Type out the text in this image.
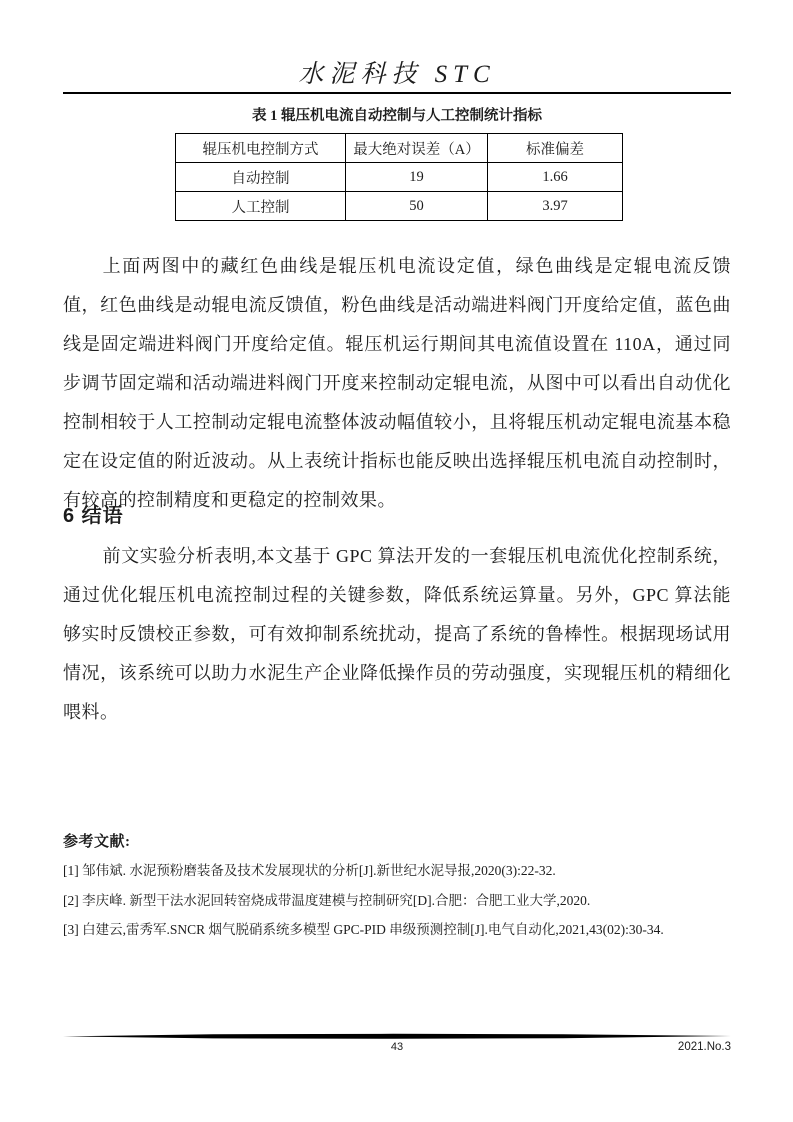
水泥科技 STC
表 1 辊压机电流自动控制与人工控制统计指标
辊压机电控制方式	最大绝对误差（A）	标准偏差
自动控制	19	1.66
人工控制	50	3.97

上面两图中的藏红色曲线是辊压机电流设定值，绿色曲线是定辊电流反馈值，红色曲线是动辊电流反馈值，粉色曲线是活动端进料阀门开度给定值，蓝色曲线是固定端进料阀门开度给定值。辊压机运行期间其电流值设置在 110A，通过同步调节固定端和活动端进料阀门开度来控制动定辊电流，从图中可以看出自动优化控制相较于人工控制动定辊电流整体波动幅值较小，且将辊压机动定辊电流基本稳定在设定值的附近波动。从上表统计指标也能反映出选择辊压机电流自动控制时，有较高的控制精度和更稳定的控制效果。

6 结语

前文实验分析表明,本文基于 GPC 算法开发的一套辊压机电流优化控制系统，通过优化辊压机电流控制过程的关键参数，降低系统运算量。另外，GPC 算法能够实时反馈校正参数，可有效抑制系统扰动，提高了系统的鲁棒性。根据现场试用情况，该系统可以助力水泥生产企业降低操作员的劳动强度，实现辊压机的精细化喂料。

参考文献:
[1] 邹伟斌. 水泥预粉磨装备及技术发展现状的分析[J].新世纪水泥导报,2020(3):22-32.
[2] 李庆峰. 新型干法水泥回转窑烧成带温度建模与控制研究[D].合肥：合肥工业大学,2020.
[3] 白建云,雷秀军.SNCR 烟气脱硝系统多模型 GPC-PID 串级预测控制[J].电气自动化,2021,43(02):30-34.
43	2021.No.3
